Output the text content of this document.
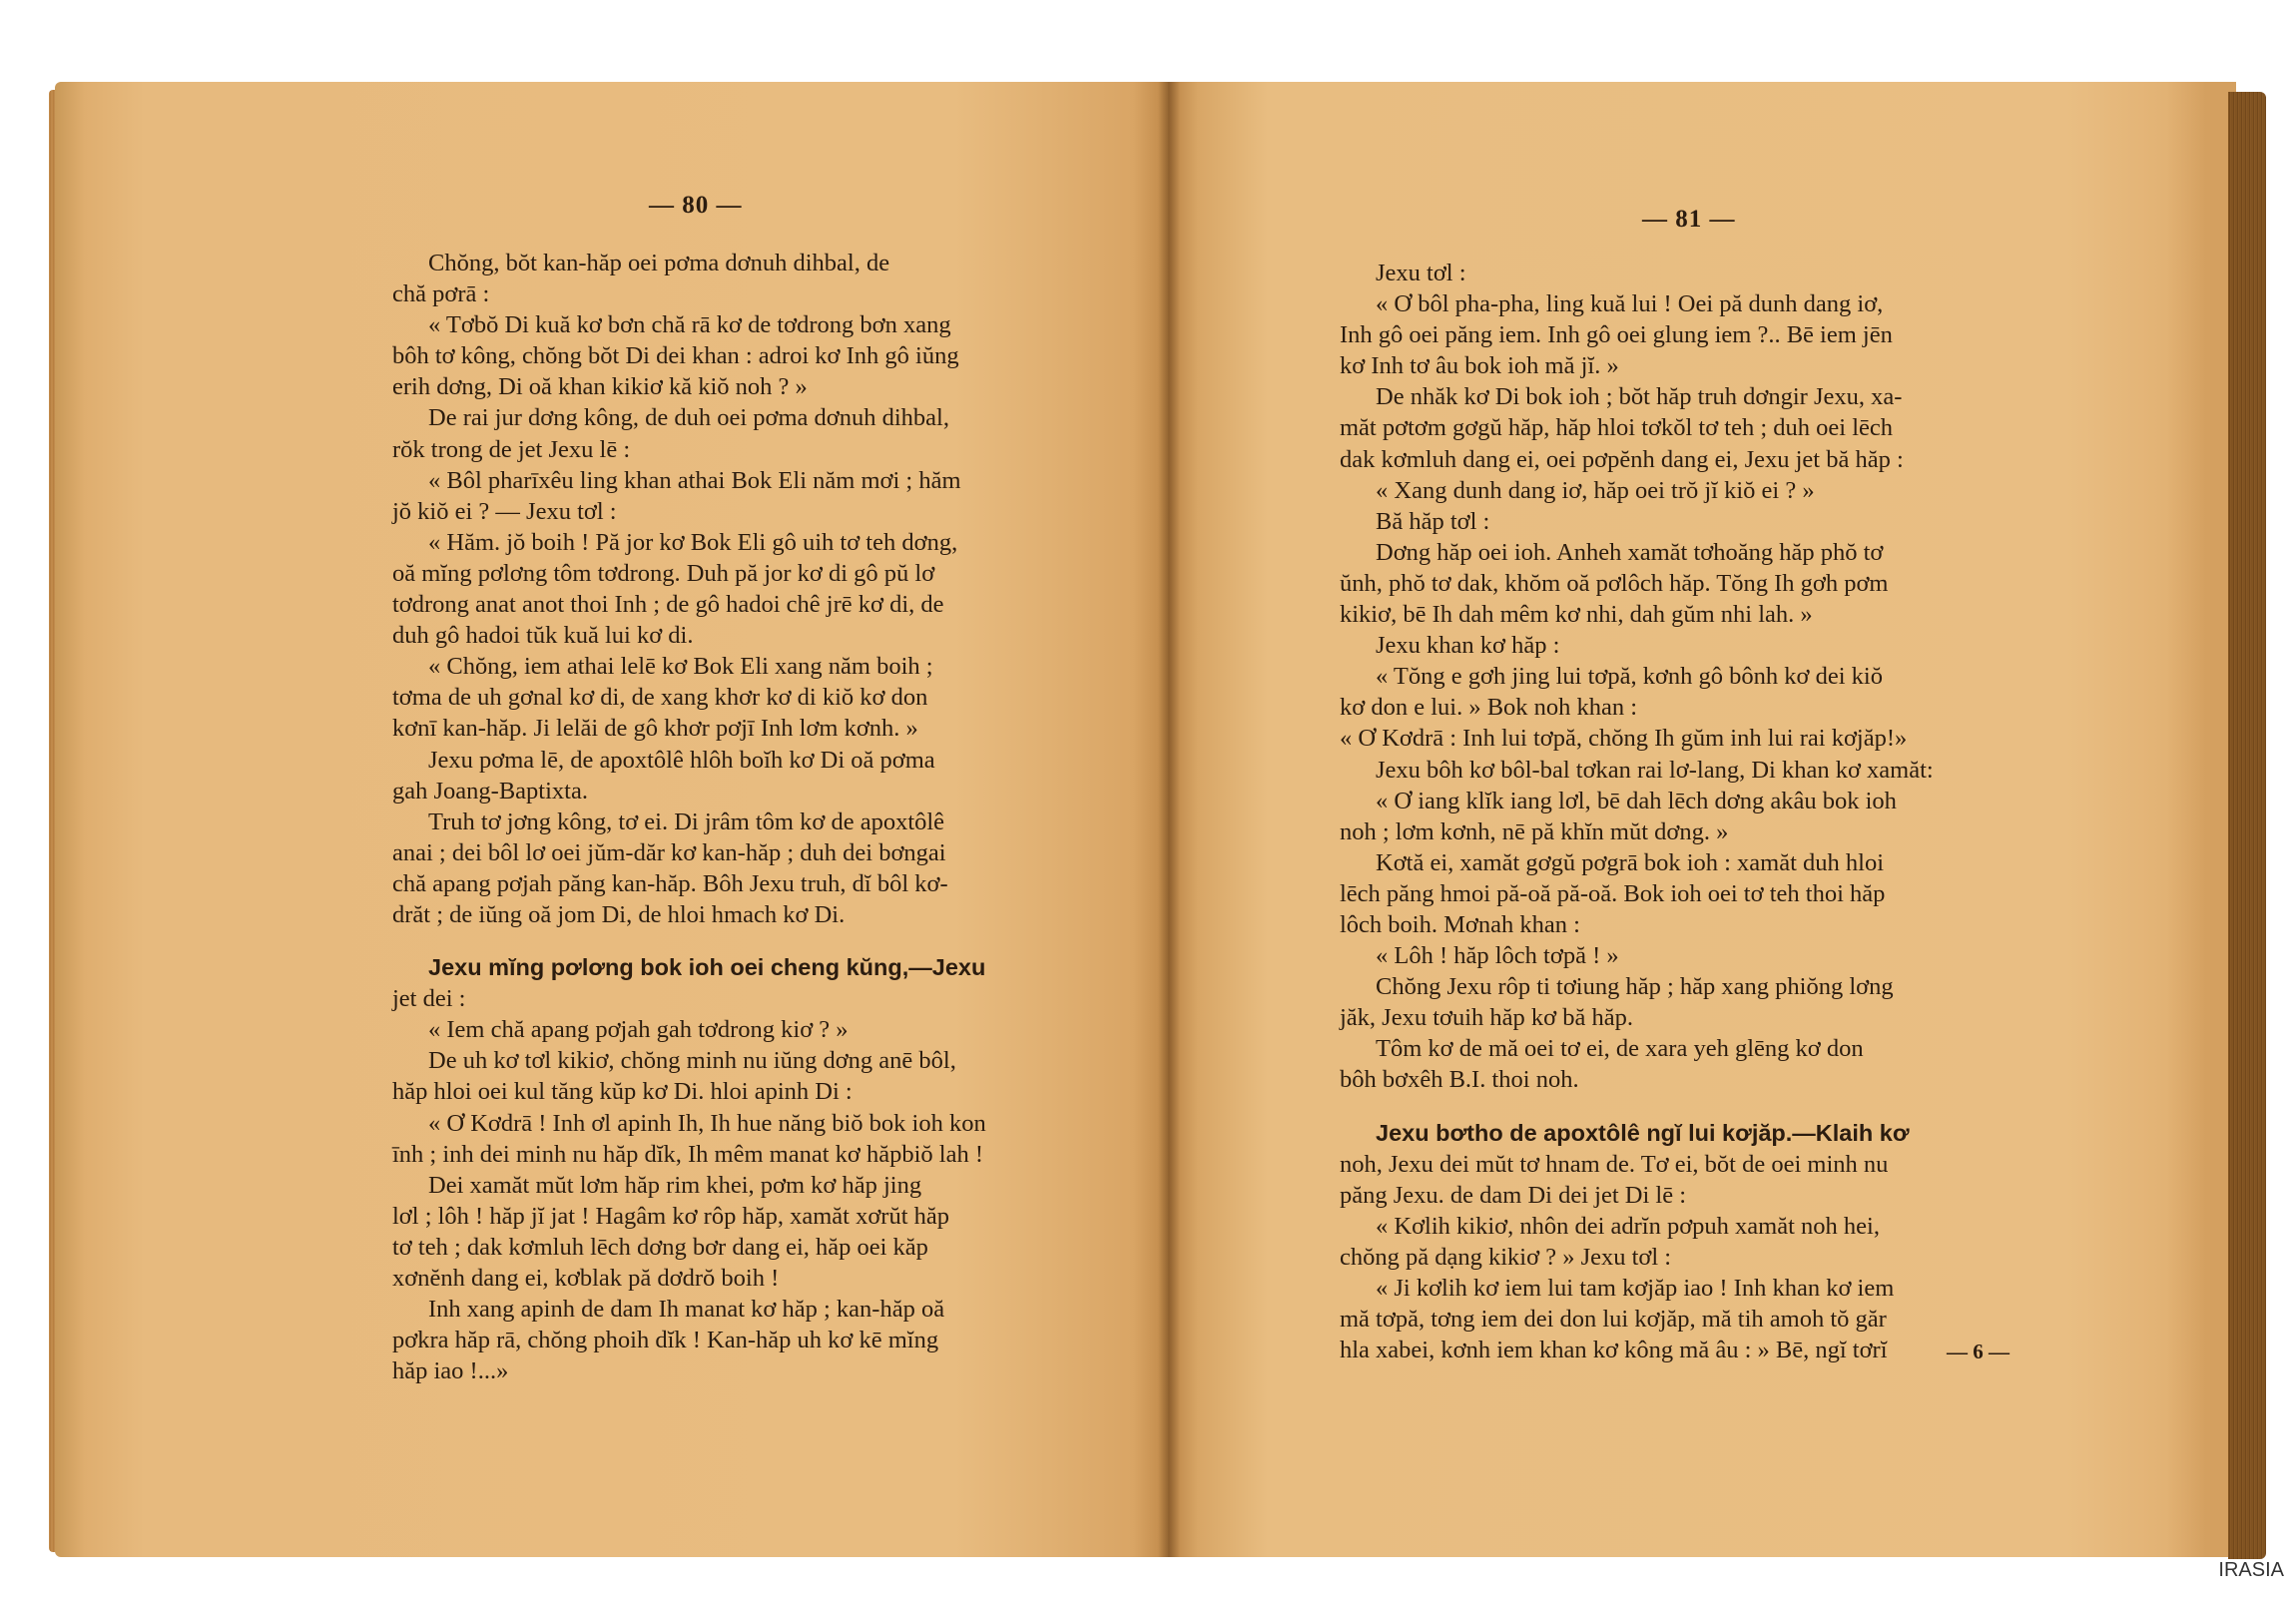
— 80 —
Chŏng, bŏt kan-hăp oei pơma dơnuh dihbal, de
chă pơrā :
« Tơbŏ Di kuă kơ bơn chă rā kơ de tơdrong bơn xang
bôh tơ kông, chŏng bŏt Di dei khan : adroi kơ Inh gô iŭng
erih dơng, Di oă khan kikiơ kă kiŏ noh ? »
De rai jur dơng kông, de duh oei pơma dơnuh dihbal,
rŏk trong de jet Jexu lē :
« Bôl pharīxêu ling khan athai Bok Eli năm mơi ; hăm
jŏ kiŏ ei ? — Jexu tơl :
« Hăm. jŏ boih ! Pă jor kơ Bok Eli gô uih tơ teh dơng,
oă mĭng pơlơng tôm tơdrong. Duh pă jor kơ di gô pŭ lơ
tơdrong anat anot thoi Inh ; de gô hadoi chê jrē kơ di, de
duh gô hadoi tŭk kuă lui kơ di.
« Chŏng, iem athai lelē kơ Bok Eli xang năm boih ;
tơma de uh gơnal kơ di, de xang khơr kơ di kiŏ kơ don
kơnī kan-hăp. Ji lelăi de gô khơr pơjī Inh lơm kơnh. »
Jexu pơma lē, de apoxtôlê hlôh boĭh kơ Di oă pơma
gah Joang-Baptixta.
Truh tơ jơng kông, tơ ei. Di jrâm tôm kơ de apoxtôlê
anai ; dei bôl lơ oei jŭm-dăr kơ kan-hăp ; duh dei bơngai
chă apang pơjah păng kan-hăp. Bôh Jexu truh, dĭ bôl kơ-
drăt ; de iŭng oă jom Di, de hloi hmach kơ Di.
Jexu mĭng pơlơng bok ioh oei cheng kŭng,—Jexu
jet dei :
« Iem chă apang pơjah gah tơdrong kiơ ? »
De uh kơ tơl kikiơ, chŏng minh nu iŭng dơng anē bôl,
hăp hloi oei kul tăng kŭp kơ Di. hloi apinh Di :
« Ơ Kơdrā ! Inh ơl apinh Ih, Ih hue năng biŏ bok ioh kon
īnh ; inh dei minh nu hăp dĭk, Ih mêm manat kơ hăpbiŏ lah !
Dei xamăt mŭt lơm hăp rim khei, pơm kơ hăp jing
lơl ; lôh ! hăp jĭ jat ! Hagâm kơ rôp hăp, xamăt xơrŭt hăp
tơ teh ; dak kơmluh lēch dơng bơr dang ei, hăp oei kăp
xơnĕnh dang ei, kơblak pă dơdrŏ boih !
Inh xang apinh de dam Ih manat kơ hăp ; kan-hăp oă
pơkra hăp rā, chŏng phoih dĭk ! Kan-hăp uh kơ kē mĭng
hăp iao !...»
— 81 —
Jexu tơl :
« Ơ bôl pha-pha, ling kuă lui ! Oei pă dunh dang iơ,
Inh gô oei păng iem. Inh gô oei glung iem ?.. Bē iem jēn
kơ Inh tơ âu bok ioh mă jĭ. »
De nhăk kơ Di bok ioh ; bŏt hăp truh dơngir Jexu, xa-
măt pơtơm gơgŭ hăp, hăp hloi tơkŏl tơ teh ; duh oei lēch
dak kơmluh dang ei, oei pơpĕnh dang ei, Jexu jet bă hăp :
« Xang dunh dang iơ, hăp oei trŏ jĭ kiŏ ei ? »
Bă hăp tơl :
Dơng hăp oei ioh. Anheh xamăt tơhoăng hăp phŏ tơ
ŭnh, phŏ tơ dak, khŏm oă pơlôch hăp. Tŏng Ih gơh pơm
kikiơ, bē Ih dah mêm kơ nhi, dah gŭm nhi lah. »
Jexu khan kơ hăp :
« Tŏng e gơh jing lui tơpă, kơnh gô bônh kơ dei kiŏ
kơ don e lui. » Bok noh khan :
« Ơ Kơdrā : Inh lui tơpă, chŏng Ih gŭm inh lui rai kơjăp!»
Jexu bôh kơ bôl-bal tơkan rai lơ-lang, Di khan kơ xamăt:
« Ơ iang klĭk iang lơl, bē dah lēch dơng akâu bok ioh
noh ; lơm kơnh, nē pă khĭn mŭt dơng. »
Kơtă ei, xamăt gơgŭ pơgrā bok ioh : xamăt duh hloi
lēch păng hmoi pă-oă pă-oă. Bok ioh oei tơ teh thoi hăp
lôch boih. Mơnah khan :
« Lôh ! hăp lôch tơpă ! »
Chŏng Jexu rôp ti tơiung hăp ; hăp xang phiŏng lơng
jăk, Jexu tơuih hăp kơ bă hăp.
Tôm kơ de mă oei tơ ei, de xara yeh glēng kơ don
bôh bơxêh B.I. thoi noh.
Jexu bơtho de apoxtôlê ngĭ lui kơjăp.—Klaih kơ
noh, Jexu dei mŭt tơ hnam de. Tơ ei, bŏt de oei minh nu
păng Jexu. de dam Di dei jet Di lē :
« Kơlih kikiơ, nhôn dei adrĭn pơpuh xamăt noh hei,
chŏng pă dạng kikiơ ? » Jexu tơl :
« Ji kơlih kơ iem lui tam kơjăp iao ! Inh khan kơ iem
mă tơpă, tơng iem dei don lui kơjăp, mă tih amoh tŏ găr
hla xabei, kơnh iem khan kơ kông mă âu : » Bē, ngĭ tơrĭ	— 6 —
IRASIA
